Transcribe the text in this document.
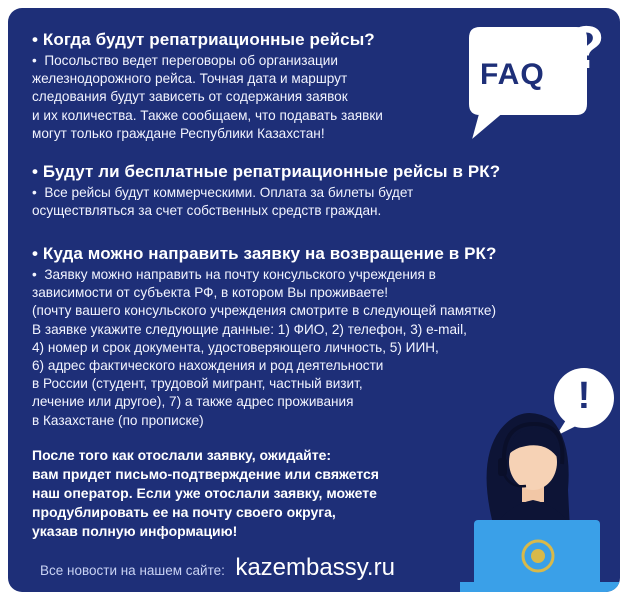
• Когда будут репатриационные рейсы?
•  Посольство ведет переговоры об организации
железнодорожного рейса. Точная дата и маршрут
следования будут зависеть от содержания заявок
и их количества. Также сообщаем, что подавать заявки
могут только граждане Республики Казахстан!
• Будут ли бесплатные репатриационные рейсы в РК?
•  Все рейсы будут коммерческими. Оплата за билеты будет
осуществляться за счет собственных средств граждан.
• Куда можно направить заявку на возвращение в РК?
•  Заявку можно направить на почту консульского учреждения в
зависимости от субъекта РФ, в котором Вы проживаете!
(почту вашего консульского учреждения смотрите в следующей памятке)
В заявке укажите следующие данные: 1) ФИО, 2) телефон, 3) e-mail,
4) номер и срок документа, удостоверяющего личность, 5) ИИН,
6) адрес фактического нахождения и род деятельности
в России (студент, трудовой мигрант, частный визит,
лечение или другое), 7) а также адрес проживания
в Казахстане (по прописке)
После того как отослали заявку, ожидайте:
вам придет письмо-подтверждение или свяжется
наш оператор. Если уже отослали заявку, можете
продублировать ее на почту своего округа,
указав полную информацию!
Все новости на нашем сайте: kazembassy.ru
FAQ ?
!
